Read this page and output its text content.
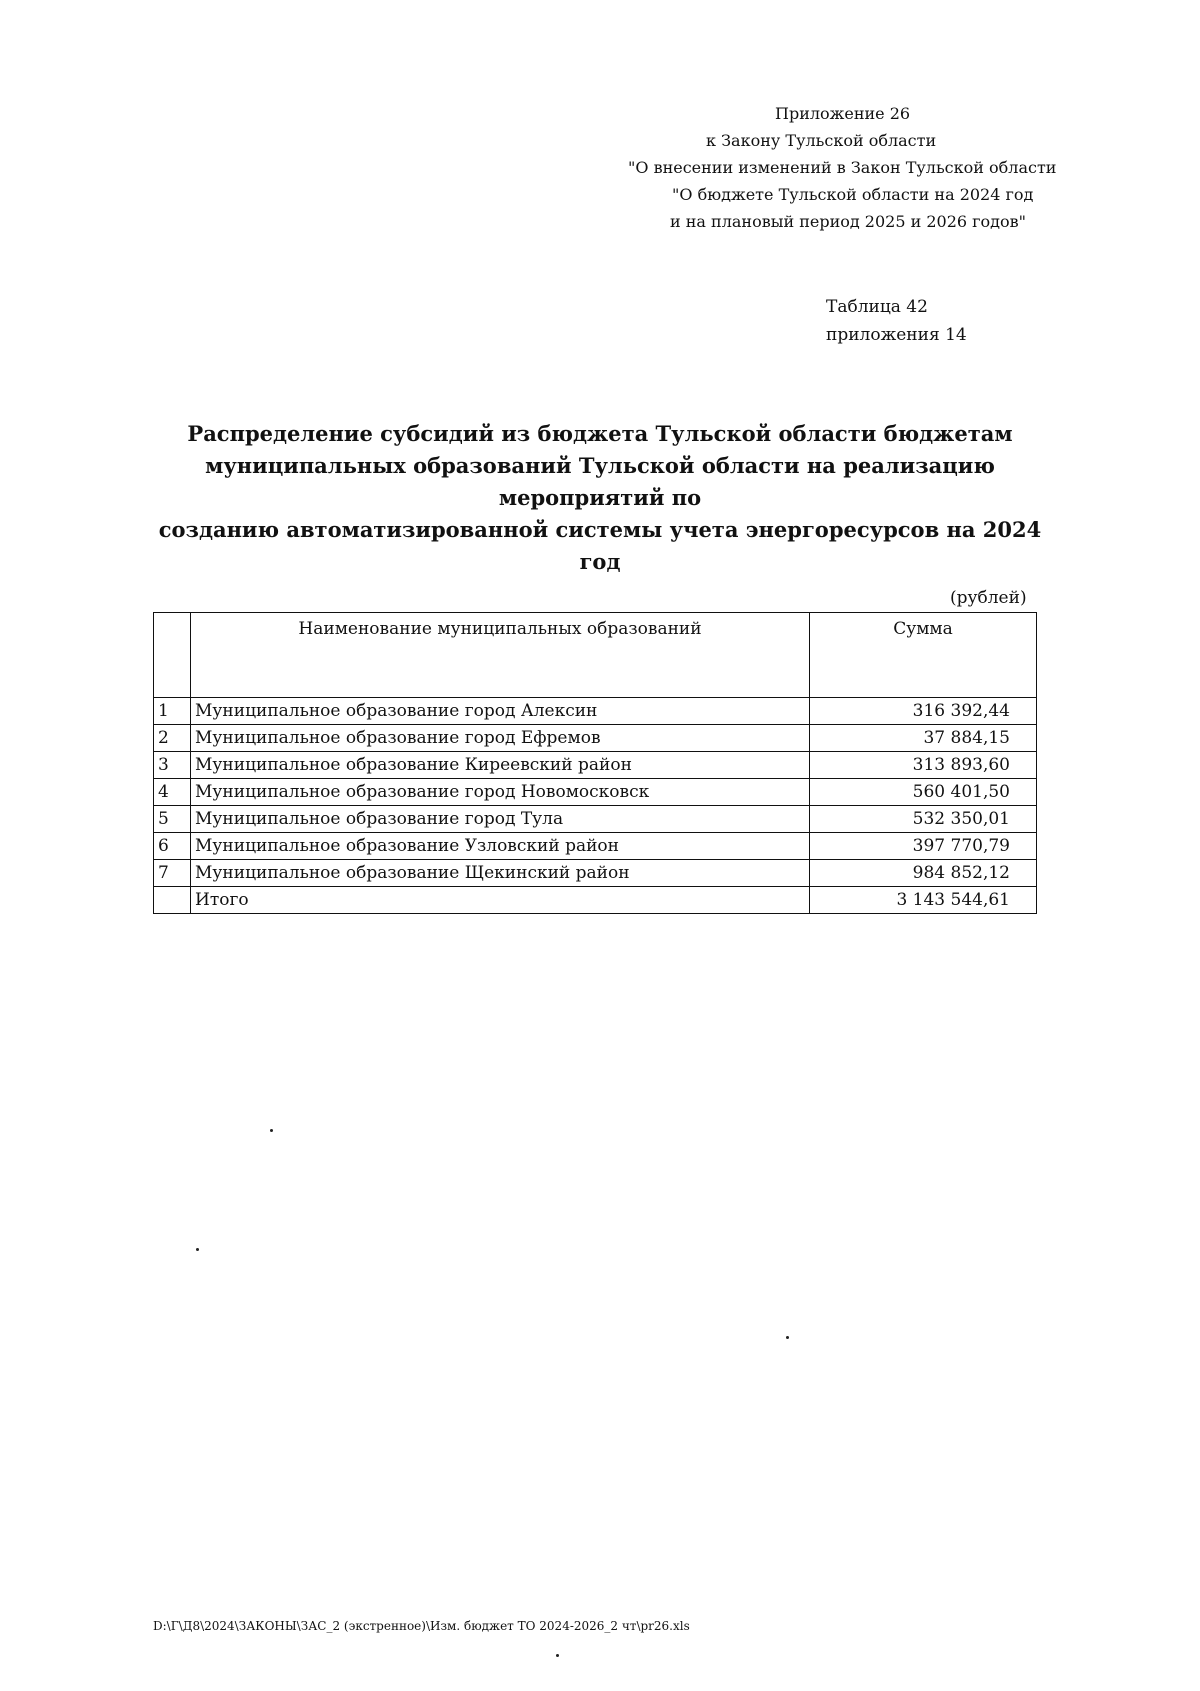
Приложение 26
к Закону Тульской области
"О внесении изменений в Закон Тульской области
"О бюджете Тульской области на 2024 год
и на плановый период 2025 и 2026 годов"
Таблица 42
приложения 14
Распределение субсидий из бюджета Тульской области бюджетам
муниципальных образований Тульской области на реализацию мероприятий по
созданию автоматизированной системы учета энергоресурсов на 2024 год
(рублей)
	Наименование муниципальных образований	Сумма
1	Муниципальное образование город Алексин	316 392,44
2	Муниципальное образование город Ефремов	37 884,15
3	Муниципальное образование Киреевский район	313 893,60
4	Муниципальное образование город Новомосковск	560 401,50
5	Муниципальное образование город Тула	532 350,01
6	Муниципальное образование Узловский район	397 770,79
7	Муниципальное образование Щекинский район	984 852,12
	Итого	3 143 544,61
D:\Г\Д8\2024\ЗАКОНЫ\ЗАС_2 (экстренное)\Изм. бюджет ТО 2024-2026_2 чт\pr26.xls
